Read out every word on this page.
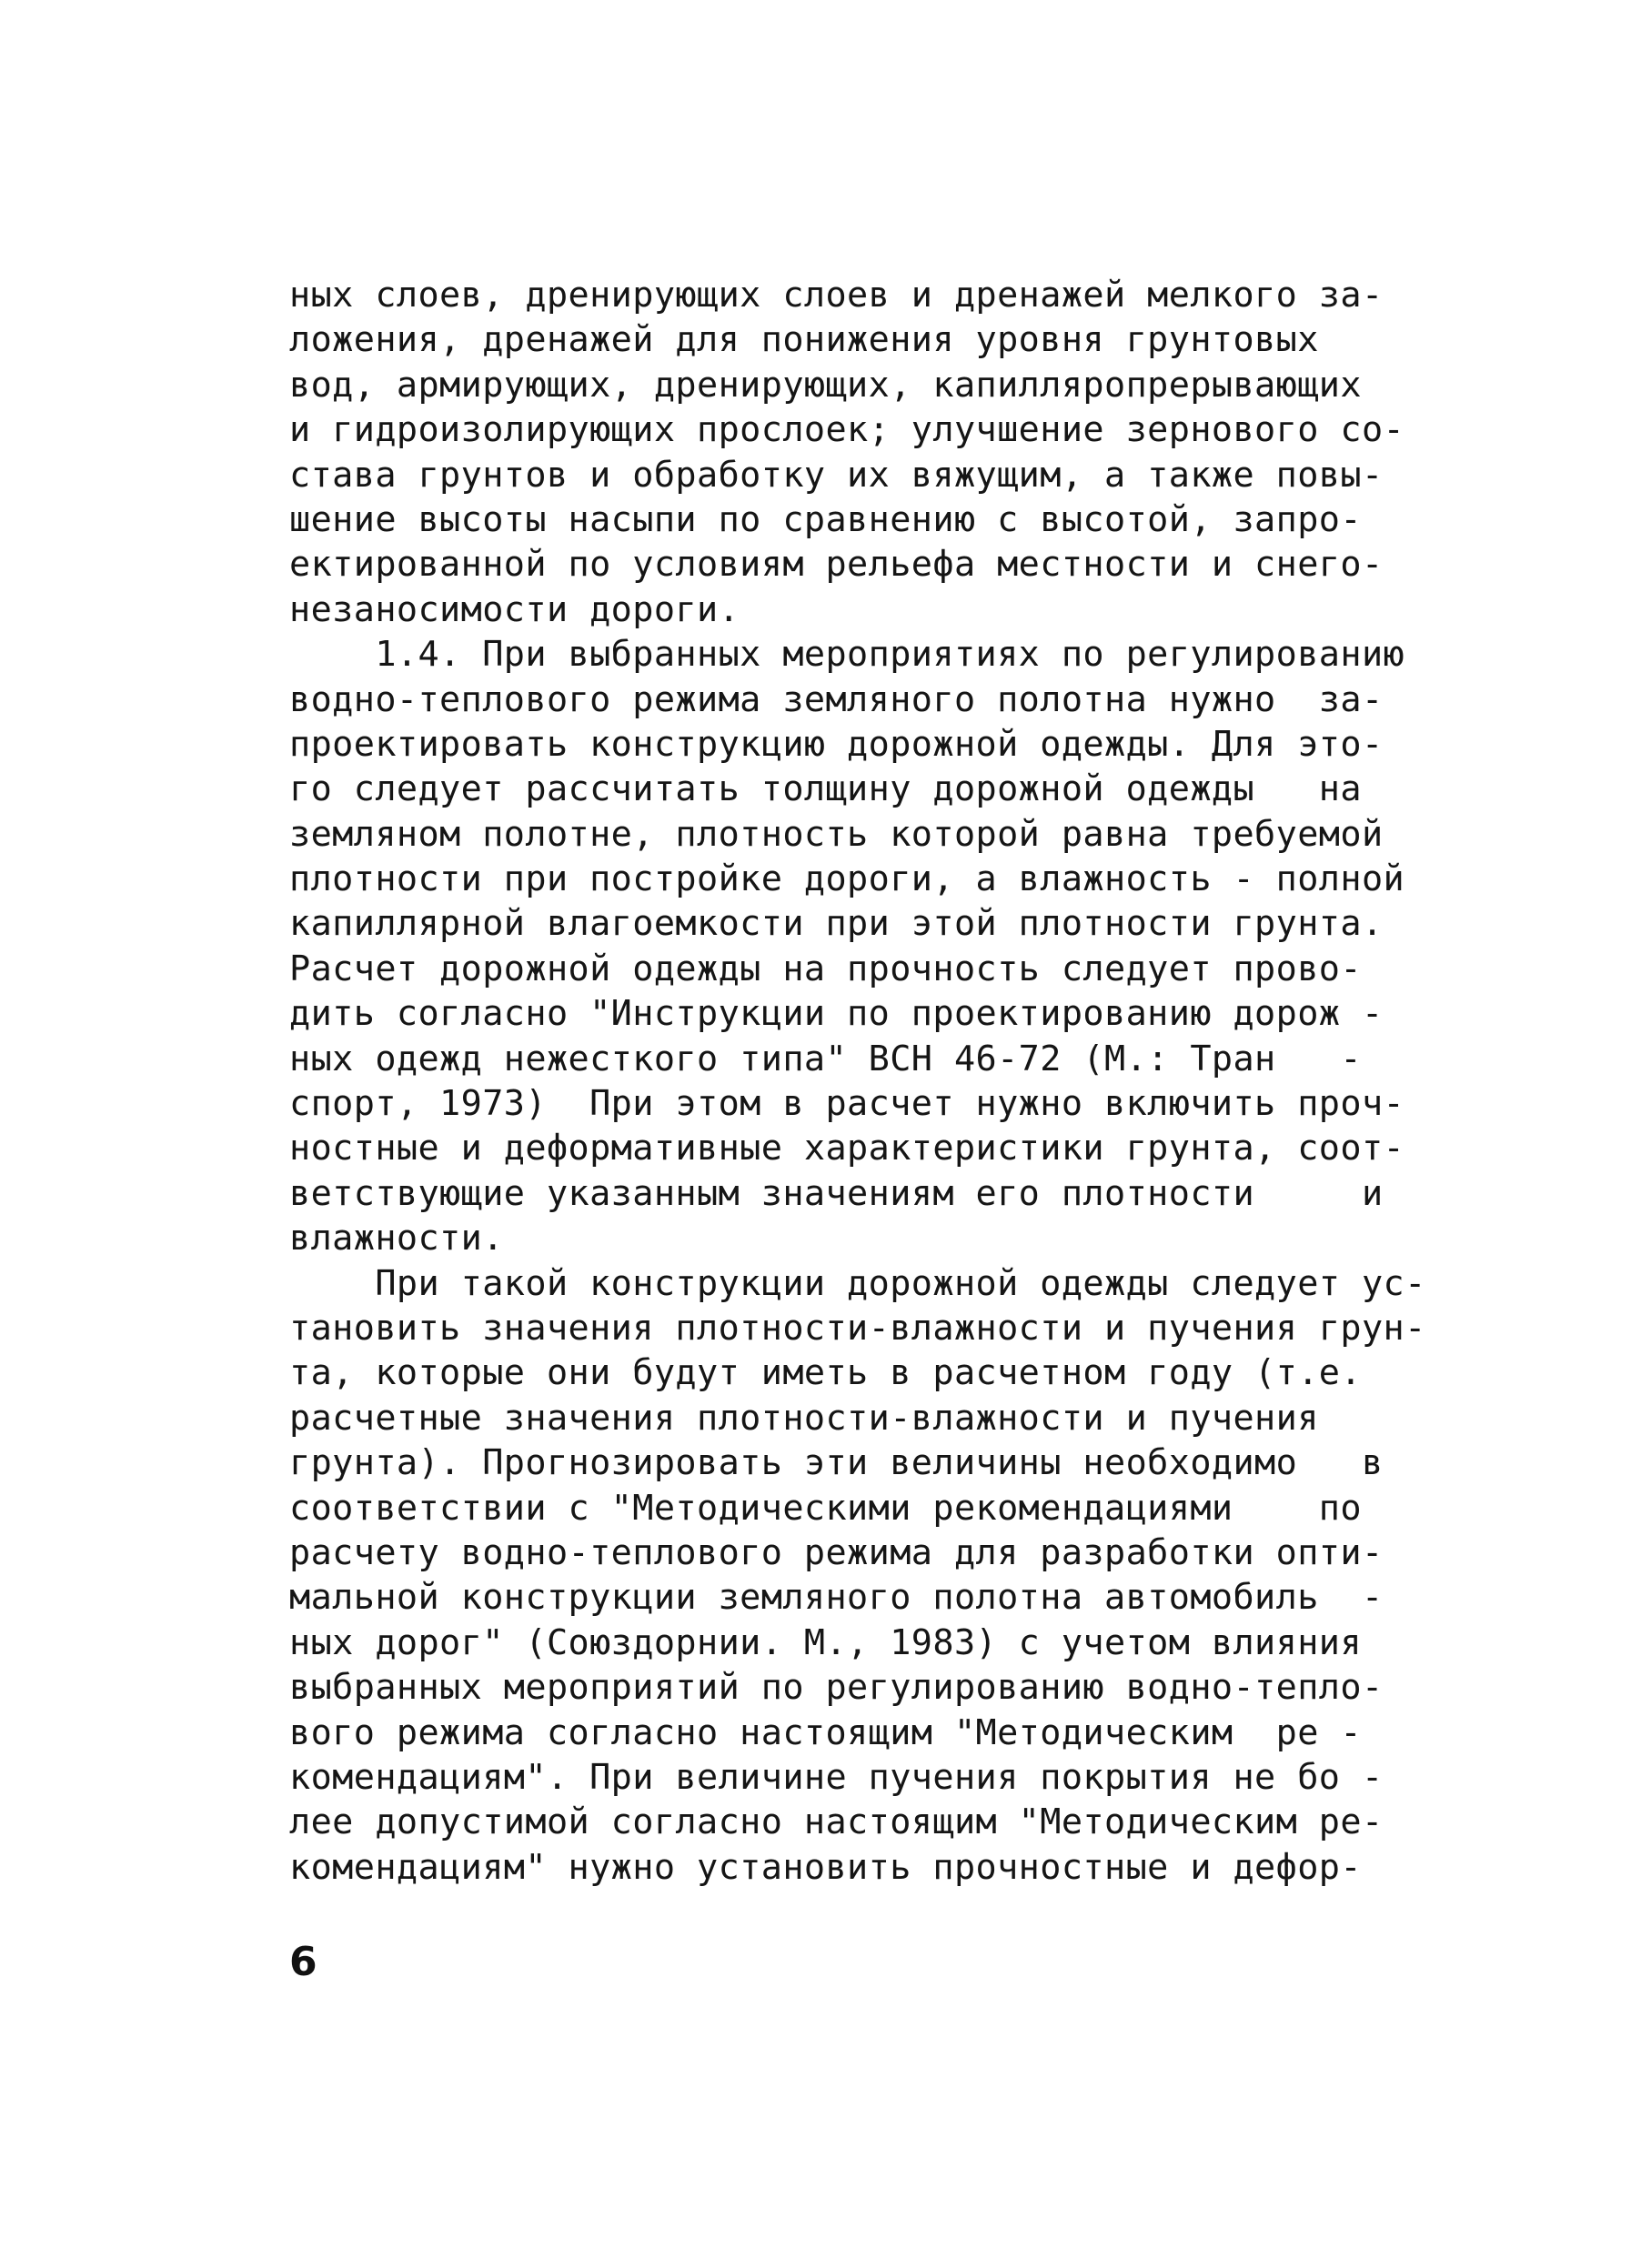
ных слоев, дренирующих слоев и дренажей мелкого за-
ложения, дренажей для понижения уровня грунтовых
вод, армирующих, дренирующих, капилляропрерывающих
и гидроизолирующих прослоек; улучшение зернового со-
става грунтов и обработку их вяжущим, а также повы-
шение высоты насыпи по сравнению с высотой, запро-
ектированной по условиям рельефа местности и снего-
незаносимости дороги.
1.4. При выбранных мероприятиях по регулированию
водно-теплового режима земляного полотна нужно  за-
проектировать конструкцию дорожной одежды. Для это-
го следует рассчитать толщину дорожной одежды   на
земляном полотне, плотность которой равна требуемой
плотности при постройке дороги, а влажность - полной
капиллярной влагоемкости при этой плотности грунта.
Расчет дорожной одежды на прочность следует прово-
дить согласно "Инструкции по проектированию дорож -
ных одежд нежесткого типа" ВСН 46-72 (М.: Тран   -
спорт, 1973)  При этом в расчет нужно включить проч-
ностные и деформативные характеристики грунта, соот-
ветствующие указанным значениям его плотности     и
влажности.
При такой конструкции дорожной одежды следует ус-
тановить значения плотности-влажности и пучения грун-
та, которые они будут иметь в расчетном году (т.е.
расчетные значения плотности-влажности и пучения
грунта). Прогнозировать эти величины необходимо   в
соответствии с "Методическими рекомендациями    по
расчету водно-теплового режима для разработки опти-
мальной конструкции земляного полотна автомобиль  -
ных дорог" (Союздорнии. М., 1983) с учетом влияния
выбранных мероприятий по регулированию водно-тепло-
вого режима согласно настоящим "Методическим  ре -
комендациям". При величине пучения покрытия не бо -
лее допустимой согласно настоящим "Методическим ре-
комендациям" нужно установить прочностные и дефор-
6
